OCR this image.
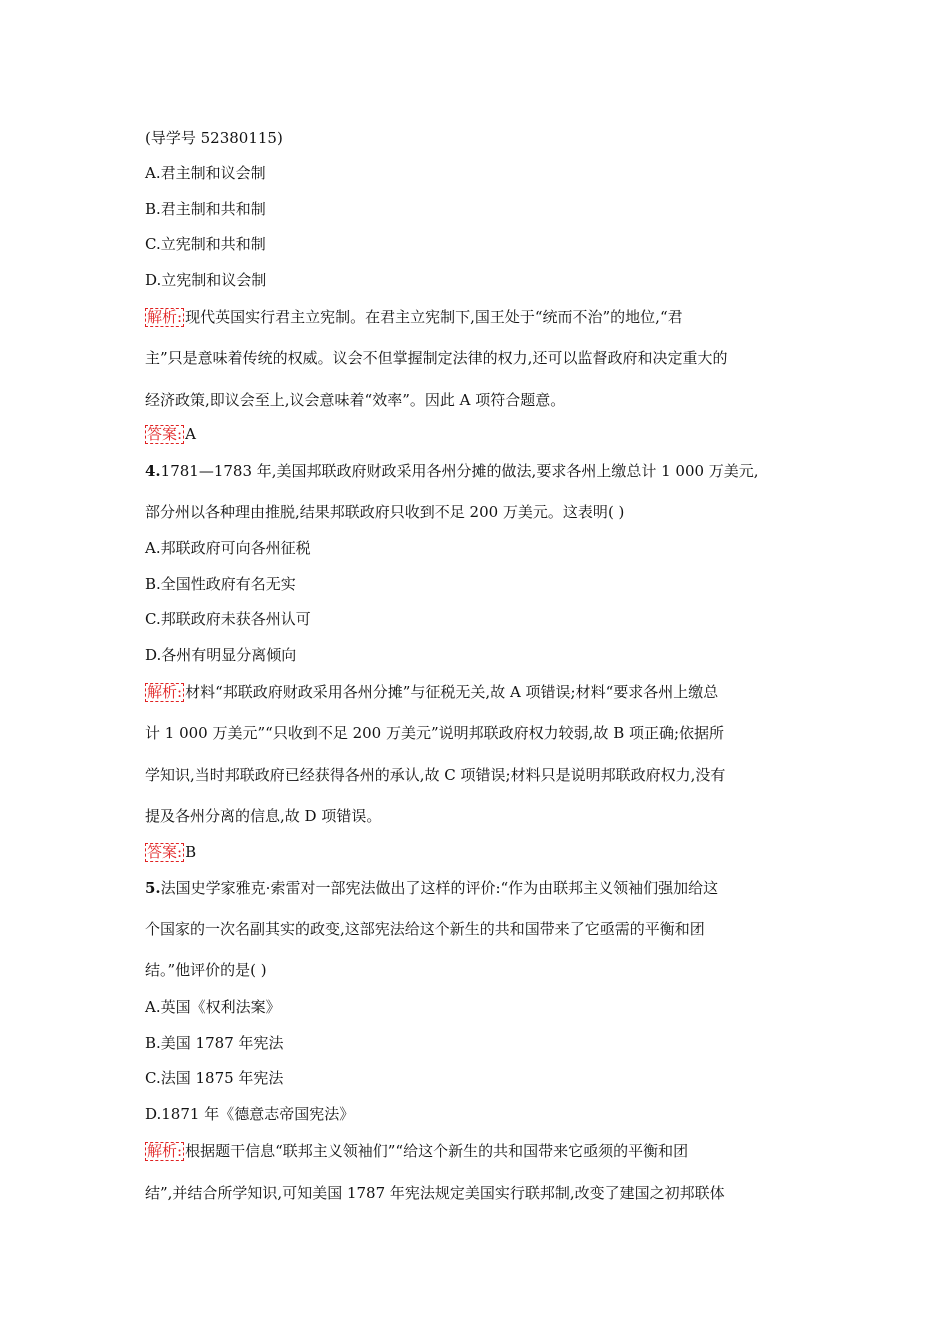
(导学号 52380115)
A.君主制和议会制
B.君主制和共和制
C.立宪制和共和制
D.立宪制和议会制
解析: 现代英国实行君主立宪制。在君主立宪制下,国王处于“统而不治”的地位,“君
主”只是意味着传统的权威。议会不但掌握制定法律的权力,还可以监督政府和决定重大的
经济政策,即议会至上,议会意味着“效率”。因此 A 项符合题意。
答案: A
4.1781—1783 年,美国邦联政府财政采用各州分摊的做法,要求各州上缴总计 1 000 万美元,
部分州以各种理由推脱,结果邦联政府只收到不足 200 万美元。这表明( )
A.邦联政府可向各州征税
B.全国性政府有名无实
C.邦联政府未获各州认可
D.各州有明显分离倾向
解析: 材料“邦联政府财政采用各州分摊”与征税无关,故 A 项错误;材料“要求各州上缴总
计 1 000 万美元”“只收到不足 200 万美元”说明邦联政府权力较弱,故 B 项正确;依据所
学知识,当时邦联政府已经获得各州的承认,故 C 项错误;材料只是说明邦联政府权力,没有
提及各州分离的信息,故 D 项错误。
答案: B
5.法国史学家雅克·索雷对一部宪法做出了这样的评价:“作为由联邦主义领袖们强加给这
个国家的一次名副其实的政变,这部宪法给这个新生的共和国带来了它亟需的平衡和团
结。”他评价的是( )
A.英国《权利法案》
B.美国 1787 年宪法
C.法国 1875 年宪法
D.1871 年《德意志帝国宪法》
解析: 根据题干信息“联邦主义领袖们”“给这个新生的共和国带来它亟须的平衡和团
结”,并结合所学知识,可知美国 1787 年宪法规定美国实行联邦制,改变了建国之初邦联体
